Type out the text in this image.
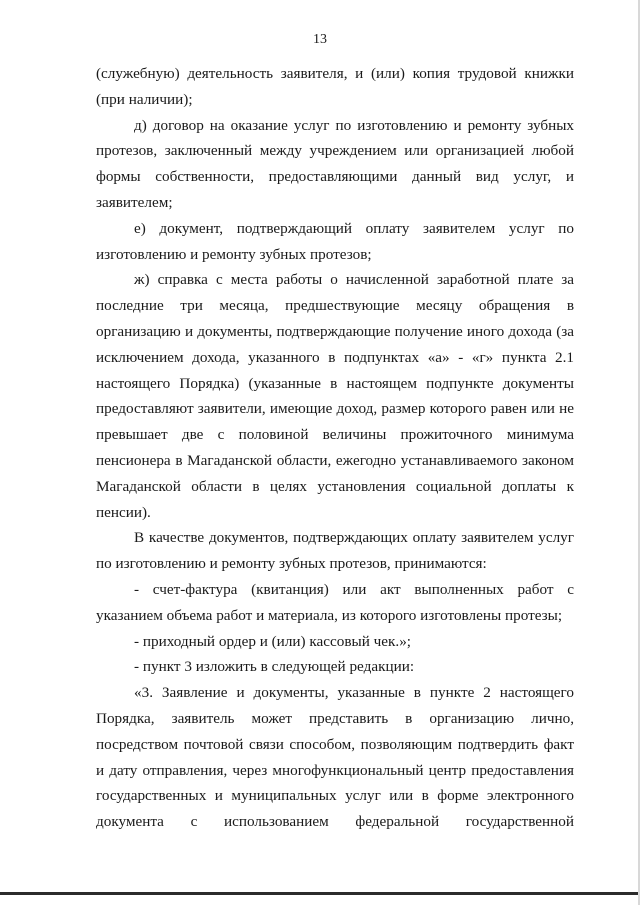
13

(служебную) деятельность заявителя, и (или) копия трудовой книжки (при наличии);

д) договор на оказание услуг по изготовлению и ремонту зубных протезов, заключенный между учреждением или организацией любой формы собственности, предоставляющими данный вид услуг, и заявителем;

е) документ, подтверждающий оплату заявителем услуг по изготовлению и ремонту зубных протезов;

ж) справка с места работы о начисленной заработной плате за последние три месяца, предшествующие месяцу обращения в организацию и документы, подтверждающие получение иного дохода (за исключением дохода, указанного в подпунктах «а» - «г» пункта 2.1 настоящего Порядка) (указанные в настоящем подпункте документы предоставляют заявители, имеющие доход, размер которого равен или не превышает две с половиной величины прожиточного минимума пенсионера в Магаданской области, ежегодно устанавливаемого законом Магаданской области в целях установления социальной доплаты к пенсии).

В качестве документов, подтверждающих оплату заявителем услуг по изготовлению и ремонту зубных протезов, принимаются:

- счет-фактура (квитанция) или акт выполненных работ с указанием объема работ и материала, из которого изготовлены протезы;

- приходный ордер и (или) кассовый чек.»;

- пункт 3 изложить в следующей редакции:

«3. Заявление и документы, указанные в пункте 2 настоящего Порядка, заявитель может представить в организацию лично, посредством почтовой связи способом, позволяющим подтвердить факт и дату отправления, через многофункциональный центр предоставления государственных и муниципальных услуг или в форме электронного документа с использованием федеральной государственной
